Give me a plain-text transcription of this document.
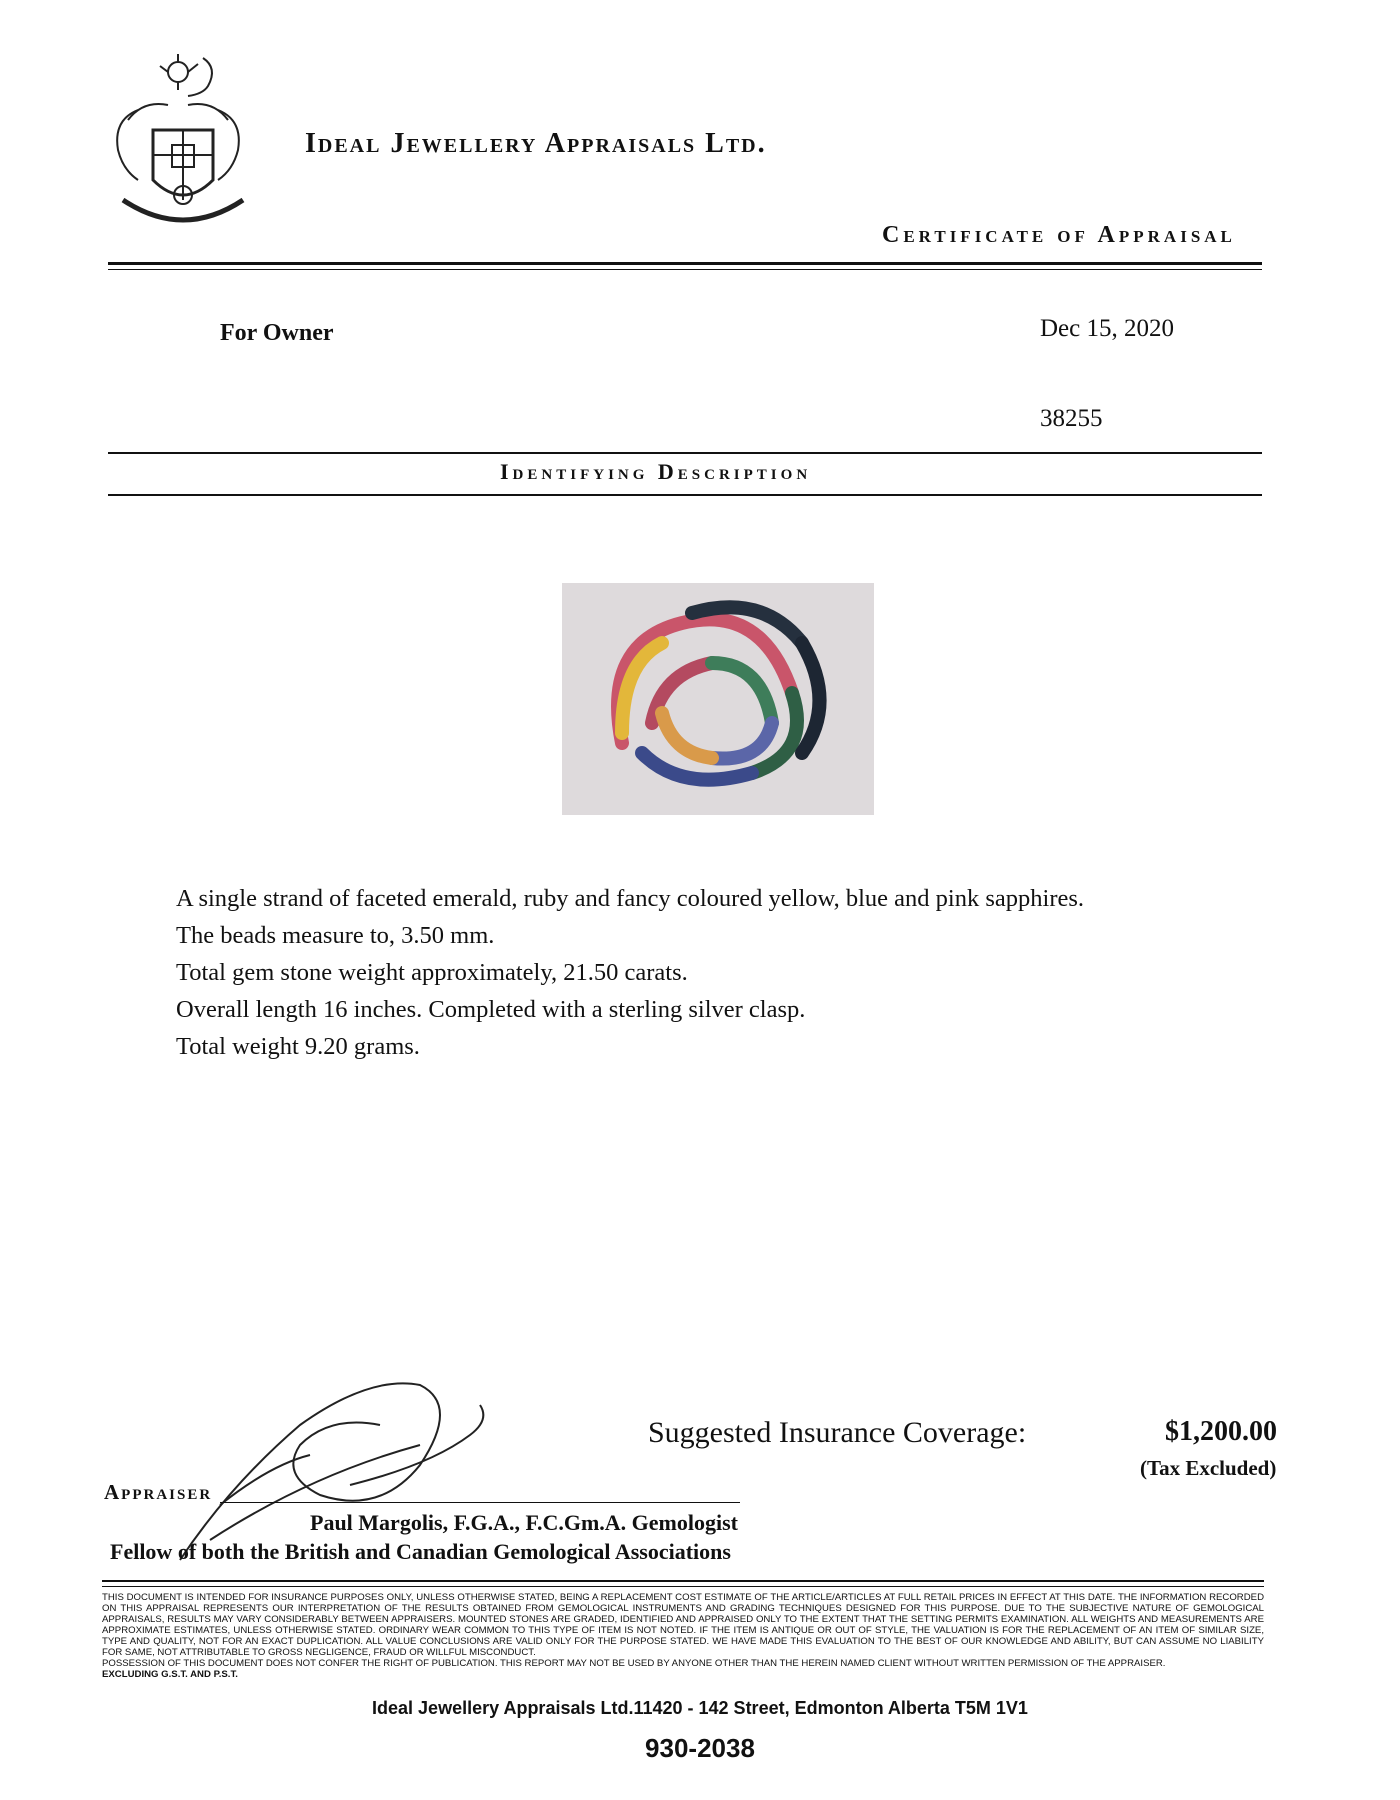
Ideal Jewellery Appraisals Ltd.
Certificate of Appraisal
For Owner	Dec 15, 2020
38255
Identifying Description

A single strand of faceted emerald, ruby and fancy coloured yellow, blue and pink sapphires.

The beads measure to, 3.50 mm.

Total gem stone weight approximately, 21.50 carats.

Overall length 16 inches. Completed with a sterling silver clasp.

Total weight 9.20 grams.

Suggested Insurance Coverage:	$1,200.00
(Tax Excluded)
Appraiser
Paul Margolis, F.G.A., F.C.Gm.A. Gemologist
Fellow of both the British and Canadian Gemological Associations

THIS DOCUMENT IS INTENDED FOR INSURANCE PURPOSES ONLY, UNLESS OTHERWISE STATED, BEING A REPLACEMENT COST ESTIMATE OF THE ARTICLE/ARTICLES AT FULL RETAIL PRICES IN EFFECT AT THIS DATE. THE INFORMATION RECORDED ON THIS APPRAISAL REPRESENTS OUR INTERPRETATION OF THE RESULTS OBTAINED FROM GEMOLOGICAL INSTRUMENTS AND GRADING TECHNIQUES DESIGNED FOR THIS PURPOSE. DUE TO THE SUBJECTIVE NATURE OF GEMOLOGICAL APPRAISALS, RESULTS MAY VARY CONSIDERABLY BETWEEN APPRAISERS. MOUNTED STONES ARE GRADED, IDENTIFIED AND APPRAISED ONLY TO THE EXTENT THAT THE SETTING PERMITS EXAMINATION. ALL WEIGHTS AND MEASUREMENTS ARE APPROXIMATE ESTIMATES, UNLESS OTHERWISE STATED. ORDINARY WEAR COMMON TO THIS TYPE OF ITEM IS NOT NOTED. IF THE ITEM IS ANTIQUE OR OUT OF STYLE, THE VALUATION IS FOR THE REPLACEMENT OF AN ITEM OF SIMILAR SIZE, TYPE AND QUALITY, NOT FOR AN EXACT DUPLICATION. ALL VALUE CONCLUSIONS ARE VALID ONLY FOR THE PURPOSE STATED. WE HAVE MADE THIS EVALUATION TO THE BEST OF OUR KNOWLEDGE AND ABILITY, BUT CAN ASSUME NO LIABILITY FOR SAME, NOT ATTRIBUTABLE TO GROSS NEGLIGENCE, FRAUD OR WILLFUL MISCONDUCT.

POSSESSION OF THIS DOCUMENT DOES NOT CONFER THE RIGHT OF PUBLICATION. THIS REPORT MAY NOT BE USED BY ANYONE OTHER THAN THE HEREIN NAMED CLIENT WITHOUT WRITTEN PERMISSION OF THE APPRAISER.

EXCLUDING G.S.T. AND P.S.T.

Ideal Jewellery Appraisals Ltd.11420 - 142 Street, Edmonton Alberta T5M 1V1
930-2038
